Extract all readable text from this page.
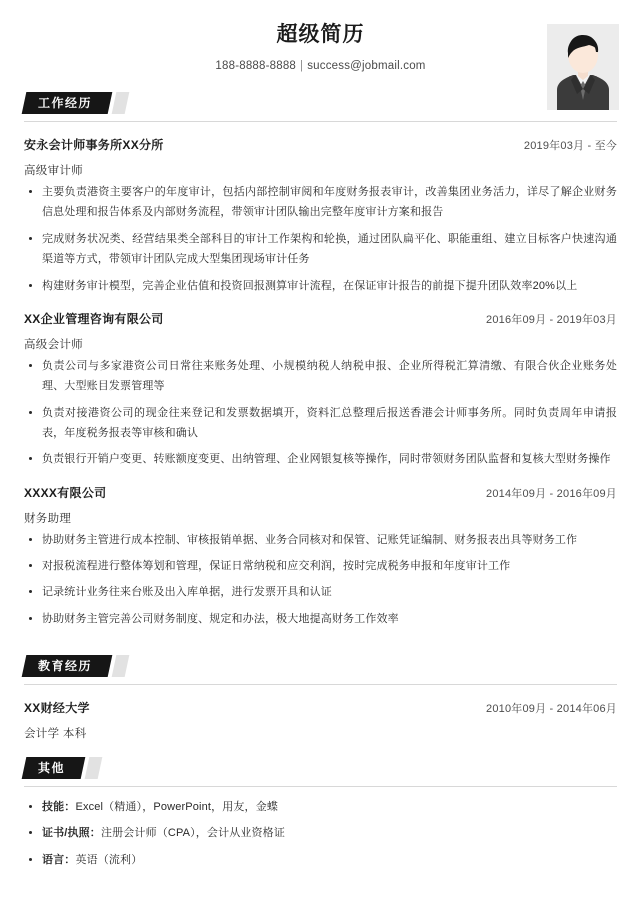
超级简历
188-8888-8888 | success@jobmail.com
工作经历
安永会计师事务所XX分所	2019年03月 - 至今
高级审计师
主要负责港资主要客户的年度审计，包括内部控制审阅和年度财务报表审计，改善集团业务活力，详尽了解企业财务信息处理和报告体系及内部财务流程，带领审计团队输出完整年度审计方案和报告
完成财务状况类、经营结果类全部科目的审计工作架构和轮换，通过团队扁平化、职能重组、建立目标客户快速沟通渠道等方式，带领审计团队完成大型集团现场审计任务
构建财务审计模型，完善企业估值和投资回报测算审计流程，在保证审计报告的前提下提升团队效率20%以上
XX企业管理咨询有限公司	2016年09月 - 2019年03月
高级会计师
负责公司与多家港资公司日常往来账务处理、小规模纳税人纳税申报、企业所得税汇算清缴、有限合伙企业账务处理、大型账目发票管理等
负责对接港资公司的现金往来登记和发票数据填开，资料汇总整理后报送香港会计师事务所。同时负责周年申请报表，年度税务报表等审核和确认
负责银行开销户变更、转账额度变更、出纳管理、企业网银复核等操作，同时带领财务团队监督和复核大型财务操作
XXXX有限公司	2014年09月 - 2016年09月
财务助理
协助财务主管进行成本控制、审核报销单据、业务合同核对和保管、记账凭证编制、财务报表出具等财务工作
对报税流程进行整体筹划和管理，保证日常纳税和应交利润，按时完成税务申报和年度审计工作
记录统计业务往来台账及出入库单据，进行发票开具和认证
协助财务主管完善公司财务制度、规定和办法，极大地提高财务工作效率
教育经历
XX财经大学	2010年09月 - 2014年06月
会计学 本科
其他
技能：Excel（精通），PowerPoint，用友，金蝶
证书/执照：注册会计师（CPA），会计从业资格证
语言：英语（流利）
